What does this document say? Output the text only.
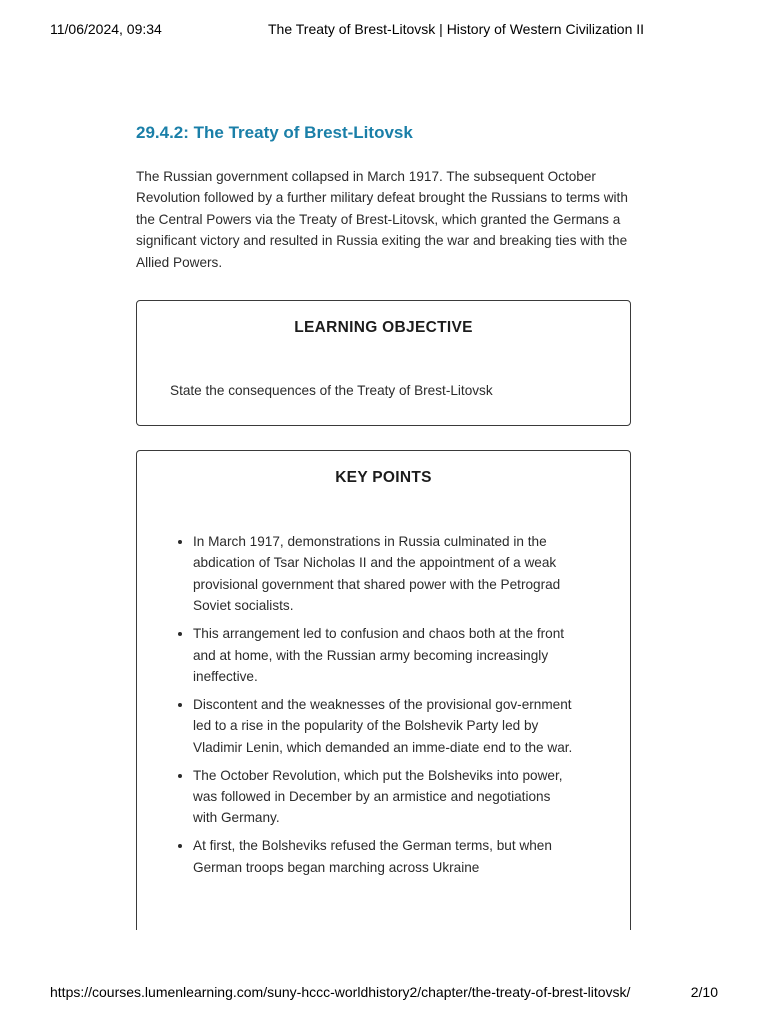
11/06/2024, 09:34	The Treaty of Brest-Litovsk | History of Western Civilization II
29.4.2: The Treaty of Brest-Litovsk

The Russian government collapsed in March 1917. The subsequent October Revolution followed by a further military defeat brought the Russians to terms with the Central Powers via the Treaty of Brest-Litovsk, which granted the Germans a significant victory and resulted in Russia exiting the war and breaking ties with the Allied Powers.

LEARNING OBJECTIVE
State the consequences of the Treaty of Brest-Litovsk
KEY POINTS
• In March 1917, demonstrations in Russia culminated in the abdication of Tsar Nicholas II and the appointment of a weak provisional government that shared power with the Petrograd Soviet socialists.
• This arrangement led to confusion and chaos both at the front and at home, with the Russian army becoming increasingly ineffective.
• Discontent and the weaknesses of the provisional gov-ernment led to a rise in the popularity of the Bolshevik Party led by Vladimir Lenin, which demanded an imme-diate end to the war.
• The October Revolution, which put the Bolsheviks into power, was followed in December by an armistice and negotiations with Germany.
• At first, the Bolsheviks refused the German terms, but when German troops began marching across Ukraine
https://courses.lumenlearning.com/suny-hccc-worldhistory2/chapter/the-treaty-of-brest-litovsk/	2/10
